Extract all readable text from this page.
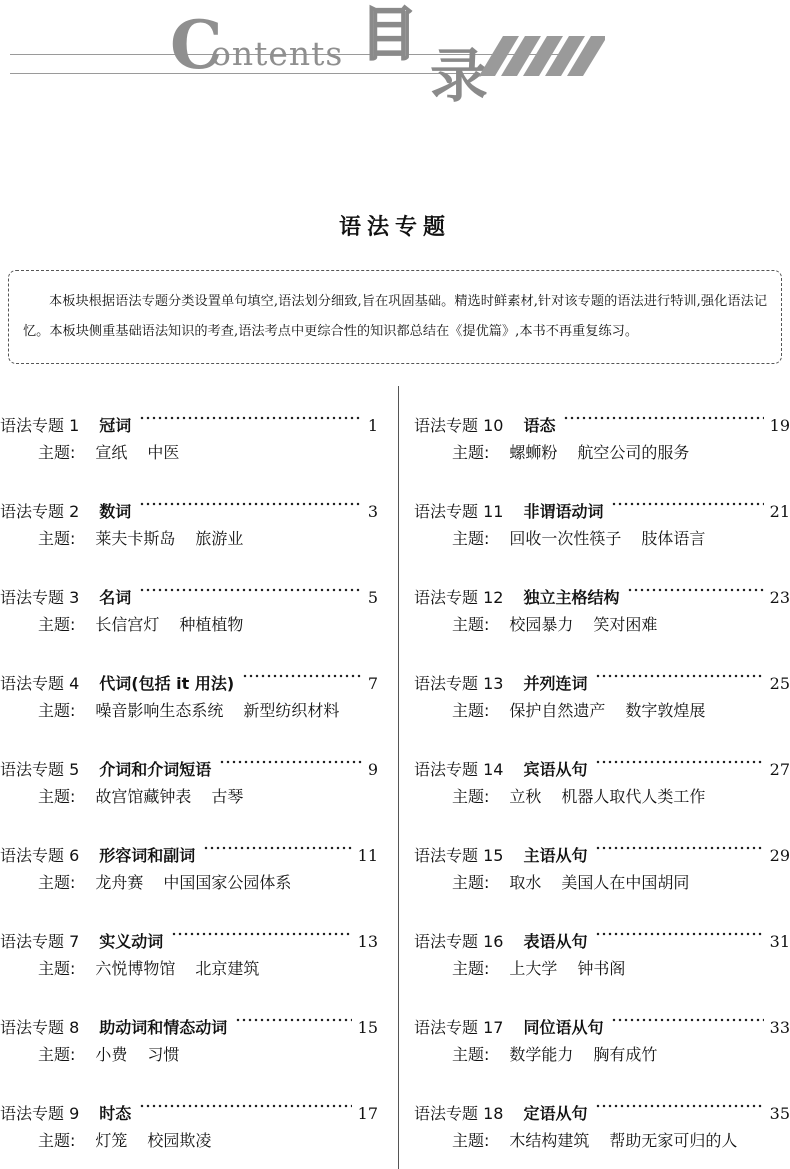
C
ontents 目
录
语法专题

本板块根据语法专题分类设置单句填空,语法划分细致,旨在巩固基础。精选时鲜素材,针对该专题的语法进行特训,强化语法记忆。本板块侧重基础语法知识的考查,语法考点中更综合性的知识都总结在《提优篇》,本书不再重复练习。

语法专题 1 冠词	1
主题: 宣纸 中医
语法专题 2 数词	3
主题: 莱夫卡斯岛 旅游业
语法专题 3 名词	5
主题: 长信宫灯 种植植物
语法专题 4 代词(包括 it 用法)	7
主题: 噪音影响生态系统 新型纺织材料
语法专题 5 介词和介词短语	9
主题: 故宫馆藏钟表 古琴
语法专题 6 形容词和副词	11
主题: 龙舟赛 中国国家公园体系
语法专题 7 实义动词	13
主题: 六悦博物馆 北京建筑
语法专题 8 助动词和情态动词	15
主题: 小费 习惯
语法专题 9 时态	17
主题: 灯笼 校园欺凌
语法专题 10 语态	19
主题: 螺蛳粉 航空公司的服务
语法专题 11 非谓语动词	21
主题: 回收一次性筷子 肢体语言
语法专题 12 独立主格结构	23
主题: 校园暴力 笑对困难
语法专题 13 并列连词	25
主题: 保护自然遗产 数字敦煌展
语法专题 14 宾语从句	27
主题: 立秋 机器人取代人类工作
语法专题 15 主语从句	29
主题: 取水 美国人在中国胡同
语法专题 16 表语从句	31
主题: 上大学 钟书阁
语法专题 17 同位语从句	33
主题: 数学能力 胸有成竹
语法专题 18 定语从句	35
主题: 木结构建筑 帮助无家可归的人
